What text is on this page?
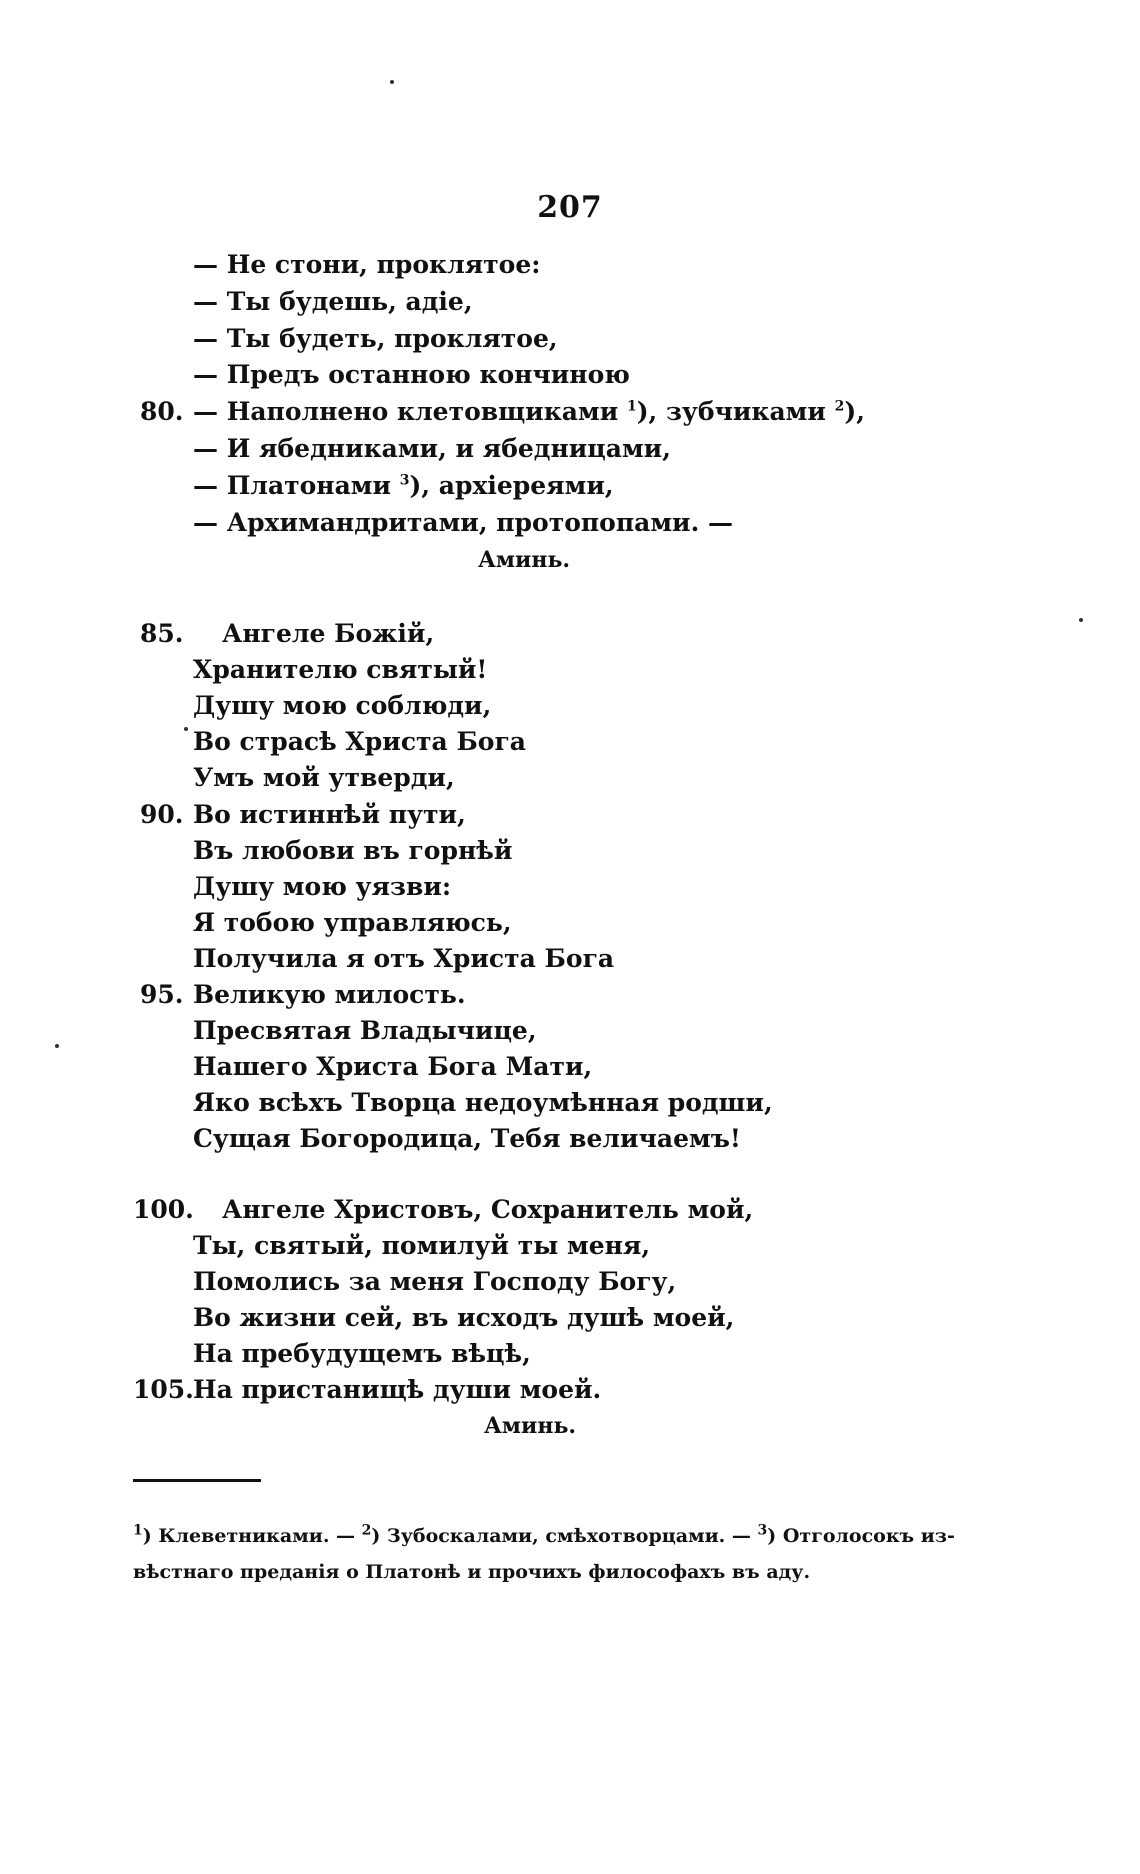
207
— Не стони, проклятое:
— Ты будешь, адіе,
— Ты будеть, проклятое,
— Предъ останною кончиною
80. — Наполнено клетовщиками $^1$), зубчиками $^2$),
— И ябедниками, и ябедницами,
— Платонами $^3$), архіереями,
— Архимандритами, протопопами. —
Аминь.
85. Ангеле Божій,
Хранителю святый!
Душу мою соблюди,
Во страсѣ Христа Бога
Умъ мой утверди,
90. Во истиннѣй пути,
Въ любови въ горнѣй
Душу мою уязви:
Я тобою управляюсь,
Получила я отъ Христа Бога
95. Великую милость.
Пресвятая Владычице,
Нашего Христа Бога Мати,
Яко всѣхъ Творца недоумѣнная родши,
Сущая Богородица, Тебя величаемъ!
100. Ангеле Христовъ, Сохранитель мой,
Ты, святый, помилуй ты меня,
Помолись за меня Господу Богу,
Во жизни сей, въ исходъ душѣ моей,
На пребудущемъ вѣцѣ,
105. На пристанищѣ души моей.
Аминь.
$^1$) Клеветниками. — $^2$) Зубоскалами, смѣхотворцами. — $^3$) Отголосокъ из-
вѣстнаго преданія о Платонѣ и прочихъ философахъ въ аду.
